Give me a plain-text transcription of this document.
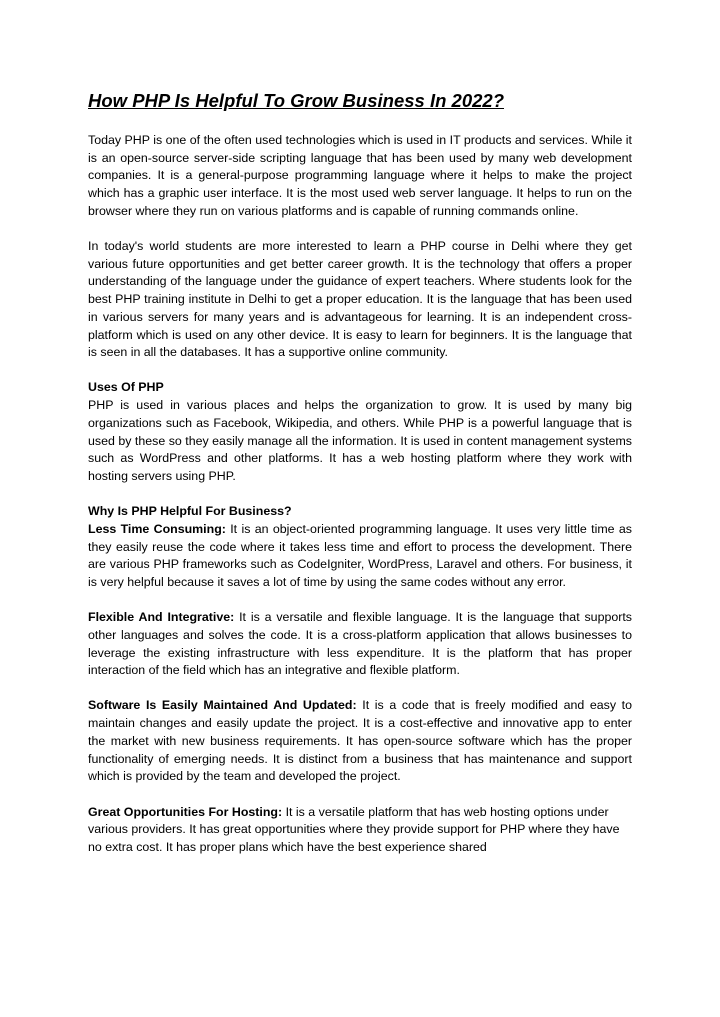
How PHP Is Helpful To Grow Business In 2022?

Today PHP is one of the often used technologies which is used in IT products and services. While it is an open-source server-side scripting language that has been used by many web development companies. It is a general-purpose programming language where it helps to make the project which has a graphic user interface. It is the most used web server language. It helps to run on the browser where they run on various platforms and is capable of running commands online.

In today's world students are more interested to learn a PHP course in Delhi where they get various future opportunities and get better career growth. It is the technology that offers a proper understanding of the language under the guidance of expert teachers. Where students look for the best PHP training institute in Delhi to get a proper education. It is the language that has been used in various servers for many years and is advantageous for learning. It is an independent cross-platform which is used on any other device. It is easy to learn for beginners. It is the language that is seen in all the databases. It has a supportive online community.

Uses Of PHP
PHP is used in various places and helps the organization to grow. It is used by many big organizations such as Facebook, Wikipedia, and others. While PHP is a powerful language that is used by these so they easily manage all the information. It is used in content management systems such as WordPress and other platforms. It has a web hosting platform where they work with hosting servers using PHP.

Why Is PHP Helpful For Business?
Less Time Consuming: It is an object-oriented programming language. It uses very little time as they easily reuse the code where it takes less time and effort to process the development. There are various PHP frameworks such as CodeIgniter, WordPress, Laravel and others. For business, it is very helpful because it saves a lot of time by using the same codes without any error.

Flexible And Integrative: It is a versatile and flexible language. It is the language that supports other languages and solves the code. It is a cross-platform application that allows businesses to leverage the existing infrastructure with less expenditure. It is the platform that has proper interaction of the field which has an integrative and flexible platform.

Software Is Easily Maintained And Updated: It is a code that is freely modified and easy to maintain changes and easily update the project. It is a cost-effective and innovative app to enter the market with new business requirements. It has open-source software which has the proper functionality of emerging needs. It is distinct from a business that has maintenance and support which is provided by the team and developed the project.

Great Opportunities For Hosting: It is a versatile platform that has web hosting options under various providers. It has great opportunities where they provide support for PHP where they have no extra cost. It has proper plans which have the best experience shared
